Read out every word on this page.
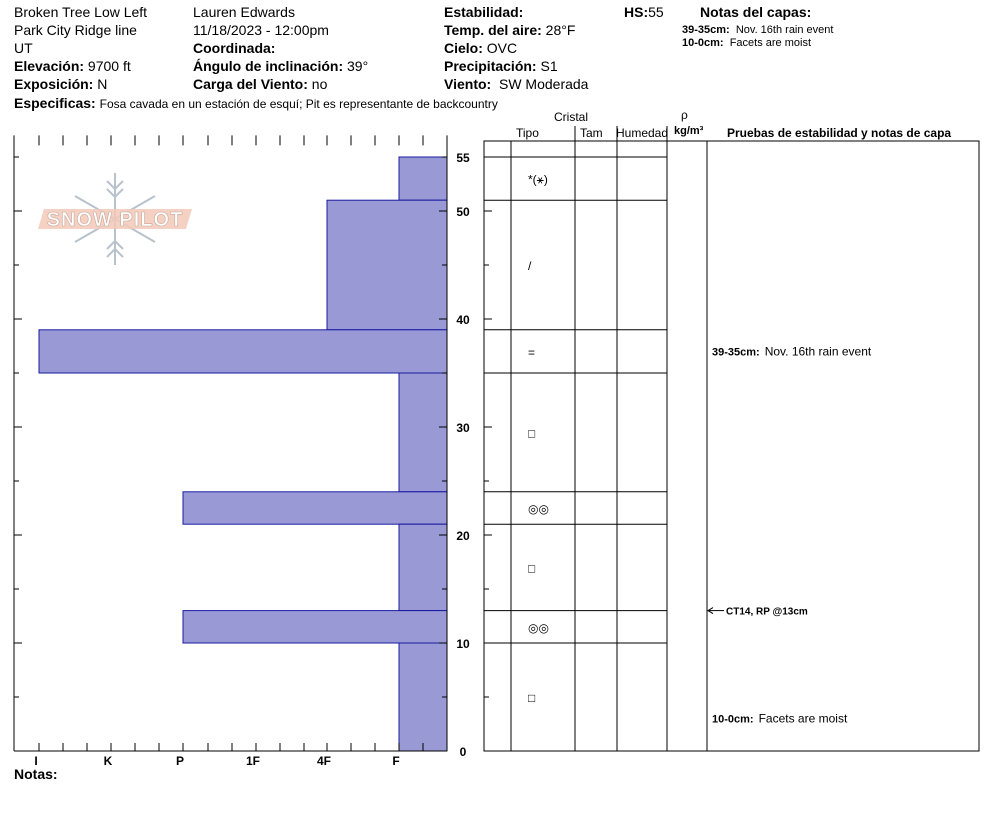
Broken Tree Low Left
Park City Ridge line
UT
Elevación: 9700 ft
Exposición: N
Lauren Edwards
11/18/2023 - 12:00pm
Coordinada:
Ángulo de inclinación: 39°
Carga del Viento: no
Estabilidad:
Temp. del aire: 28°F
Cielo: OVC
Precipitación: S1
Viento: SW Moderada
HS:55	Notas del capas:
39-35cm: Nov. 16th rain event
10-0cm: Facets are moist
Especificas: Fosa cavada en un estación de esquí; Pit es representante de backcountry
SNOW PILOT
0
10
20
30
40
50
55
I	K	P	1F	4F	F
*(⚹)
/
=
□
◎◎
□
◎◎
□
39-35cm: Nov. 16th rain event
CT14, RP @13cm
10-0cm: Facets are moist
Cristal
Tipo	Tam Humedad
ρ
kg/m³ Pruebas de estabilidad y notas de capa
Notas:
